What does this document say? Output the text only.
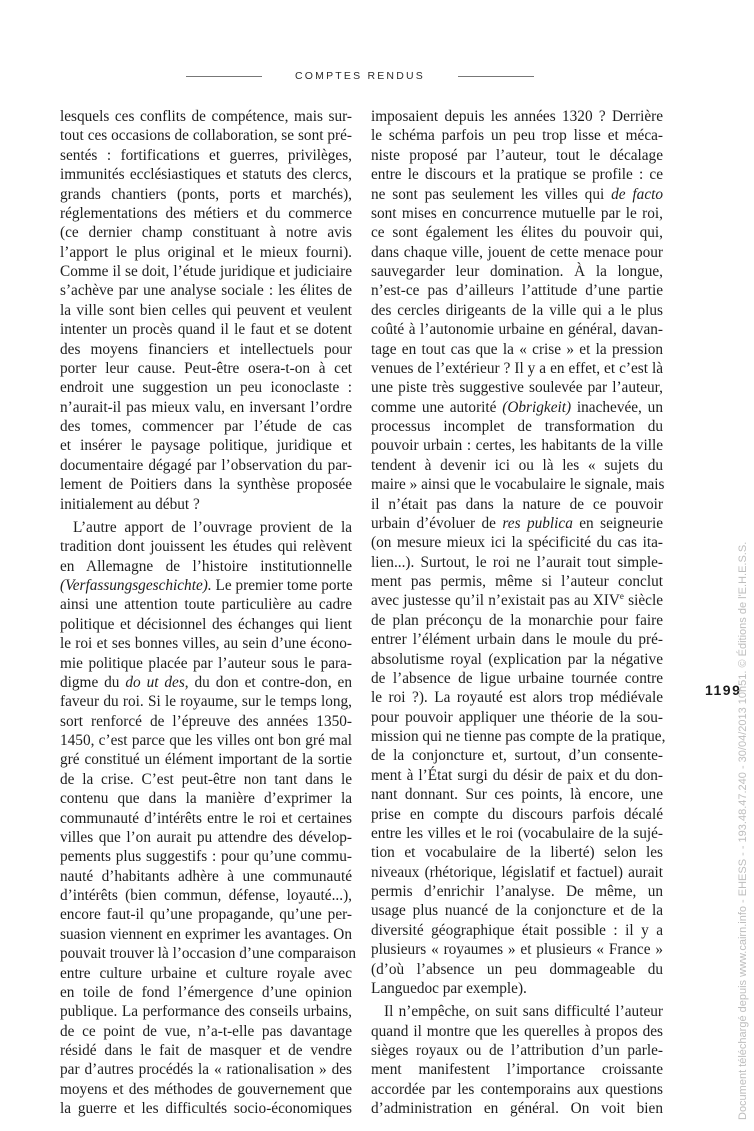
COMPTES RENDUS
lesquels ces conflits de compétence, mais sur-
tout ces occasions de collaboration, se sont pré-
sentés : fortifications et guerres, privilèges,
immunités ecclésiastiques et statuts des clercs,
grands chantiers (ponts, ports et marchés),
réglementations des métiers et du commerce
(ce dernier champ constituant à notre avis
l’apport le plus original et le mieux fourni).
Comme il se doit, l’étude juridique et judiciaire
s’achève par une analyse sociale : les élites de
la ville sont bien celles qui peuvent et veulent
intenter un procès quand il le faut et se dotent
des moyens financiers et intellectuels pour
porter leur cause. Peut-être osera-t-on à cet
endroit une suggestion un peu iconoclaste :
n’aurait-il pas mieux valu, en inversant l’ordre
des tomes, commencer par l’étude de cas
et insérer le paysage politique, juridique et
documentaire dégagé par l’observation du par-
lement de Poitiers dans la synthèse proposée
initialement au début ?
L’autre apport de l’ouvrage provient de la
tradition dont jouissent les études qui relèvent
en Allemagne de l’histoire institutionnelle
(Verfassungsgeschichte). Le premier tome porte
ainsi une attention toute particulière au cadre
politique et décisionnel des échanges qui lient
le roi et ses bonnes villes, au sein d’une écono-
mie politique placée par l’auteur sous le para-
digme du do ut des, du don et contre-don, en
faveur du roi. Si le royaume, sur le temps long,
sort renforcé de l’épreuve des années 1350-
1450, c’est parce que les villes ont bon gré mal
gré constitué un élément important de la sortie
de la crise. C’est peut-être non tant dans le
contenu que dans la manière d’exprimer la
communauté d’intérêts entre le roi et certaines
villes que l’on aurait pu attendre des dévelop-
pements plus suggestifs : pour qu’une commu-
nauté d’habitants adhère à une communauté
d’intérêts (bien commun, défense, loyauté...),
encore faut-il qu’une propagande, qu’une per-
suasion viennent en exprimer les avantages. On
pouvait trouver là l’occasion d’une comparaison
entre culture urbaine et culture royale avec
en toile de fond l’émergence d’une opinion
publique. La performance des conseils urbains,
de ce point de vue, n’a-t-elle pas davantage
résidé dans le fait de masquer et de vendre
par d’autres procédés la « rationalisation » des
moyens et des méthodes de gouvernement que
la guerre et les difficultés socio-économiques
imposaient depuis les années 1320 ? Derrière
le schéma parfois un peu trop lisse et méca-
niste proposé par l’auteur, tout le décalage
entre le discours et la pratique se profile : ce
ne sont pas seulement les villes qui de facto
sont mises en concurrence mutuelle par le roi,
ce sont également les élites du pouvoir qui,
dans chaque ville, jouent de cette menace pour
sauvegarder leur domination. À la longue,
n’est-ce pas d’ailleurs l’attitude d’une partie
des cercles dirigeants de la ville qui a le plus
coûté à l’autonomie urbaine en général, davan-
tage en tout cas que la « crise » et la pression
venues de l’extérieur ? Il y a en effet, et c’est là
une piste très suggestive soulevée par l’auteur,
comme une autorité (Obrigkeit) inachevée, un
processus incomplet de transformation du
pouvoir urbain : certes, les habitants de la ville
tendent à devenir ici ou là les « sujets du
maire » ainsi que le vocabulaire le signale, mais
il n’était pas dans la nature de ce pouvoir
urbain d’évoluer de res publica en seigneurie
(on mesure mieux ici la spécificité du cas ita-
lien...). Surtout, le roi ne l’aurait tout simple-
ment pas permis, même si l’auteur conclut
avec justesse qu’il n’existait pas au XIVe siècle
de plan préconçu de la monarchie pour faire
entrer l’élément urbain dans le moule du pré-
absolutisme royal (explication par la négative
de l’absence de ligue urbaine tournée contre
le roi ?). La royauté est alors trop médiévale
pour pouvoir appliquer une théorie de la sou-
mission qui ne tienne pas compte de la pratique,
de la conjoncture et, surtout, d’un consente-
ment à l’État surgi du désir de paix et du don-
nant donnant. Sur ces points, là encore, une
prise en compte du discours parfois décalé
entre les villes et le roi (vocabulaire de la sujé-
tion et vocabulaire de la liberté) selon les
niveaux (rhétorique, législatif et factuel) aurait
permis d’enrichir l’analyse. De même, un
usage plus nuancé de la conjoncture et de la
diversité géographique était possible : il y a
plusieurs « royaumes » et plusieurs « France »
(d’où l’absence un peu dommageable du
Languedoc par exemple).
Il n’empêche, on suit sans difficulté l’auteur
quand il montre que les querelles à propos des
sièges royaux ou de l’attribution d’un parle-
ment manifestent l’importance croissante
accordée par les contemporains aux questions
d’administration en général. On voit bien
1199
Document téléchargé depuis www.cairn.info - EHESS - - 193.48.47.240 - 30/04/2013 10h51. © Éditions de l'E.H.E.S.S.
